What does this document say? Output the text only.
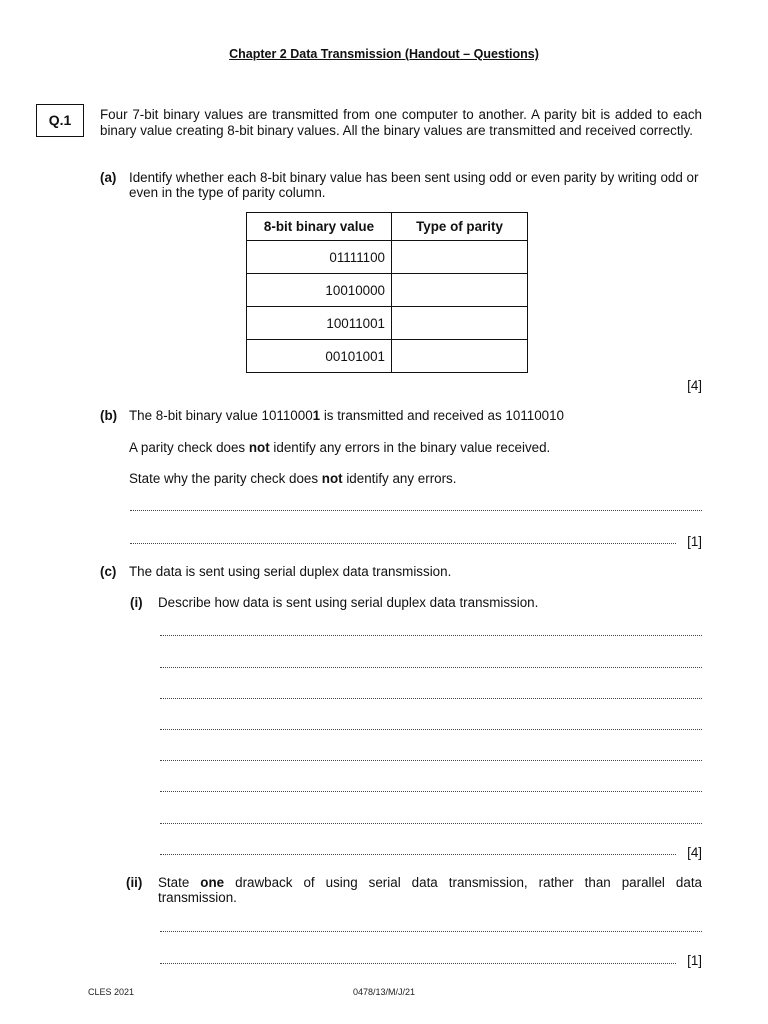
Chapter 2 Data Transmission (Handout – Questions)
Q.1	Four 7-bit binary values are transmitted from one computer to another. A parity bit is added to each binary value creating 8-bit binary values. All the binary values are transmitted and received correctly.
(a) Identify whether each 8-bit binary value has been sent using odd or even parity by writing odd or even in the type of parity column.
8-bit binary value	Type of parity
01111100	
10010000	
10011001	
00101001	
[4]
(b) The 8-bit binary value 10110001 is transmitted and received as 10110010
A parity check does not identify any errors in the binary value received.
State why the parity check does not identify any errors.
[1]
(c) The data is sent using serial duplex data transmission.
(i) Describe how data is sent using serial duplex data transmission.
[4]
(ii) State one drawback of using serial data transmission, rather than parallel data transmission.
[1]
CLES 2021	0478/13/M/J/21
